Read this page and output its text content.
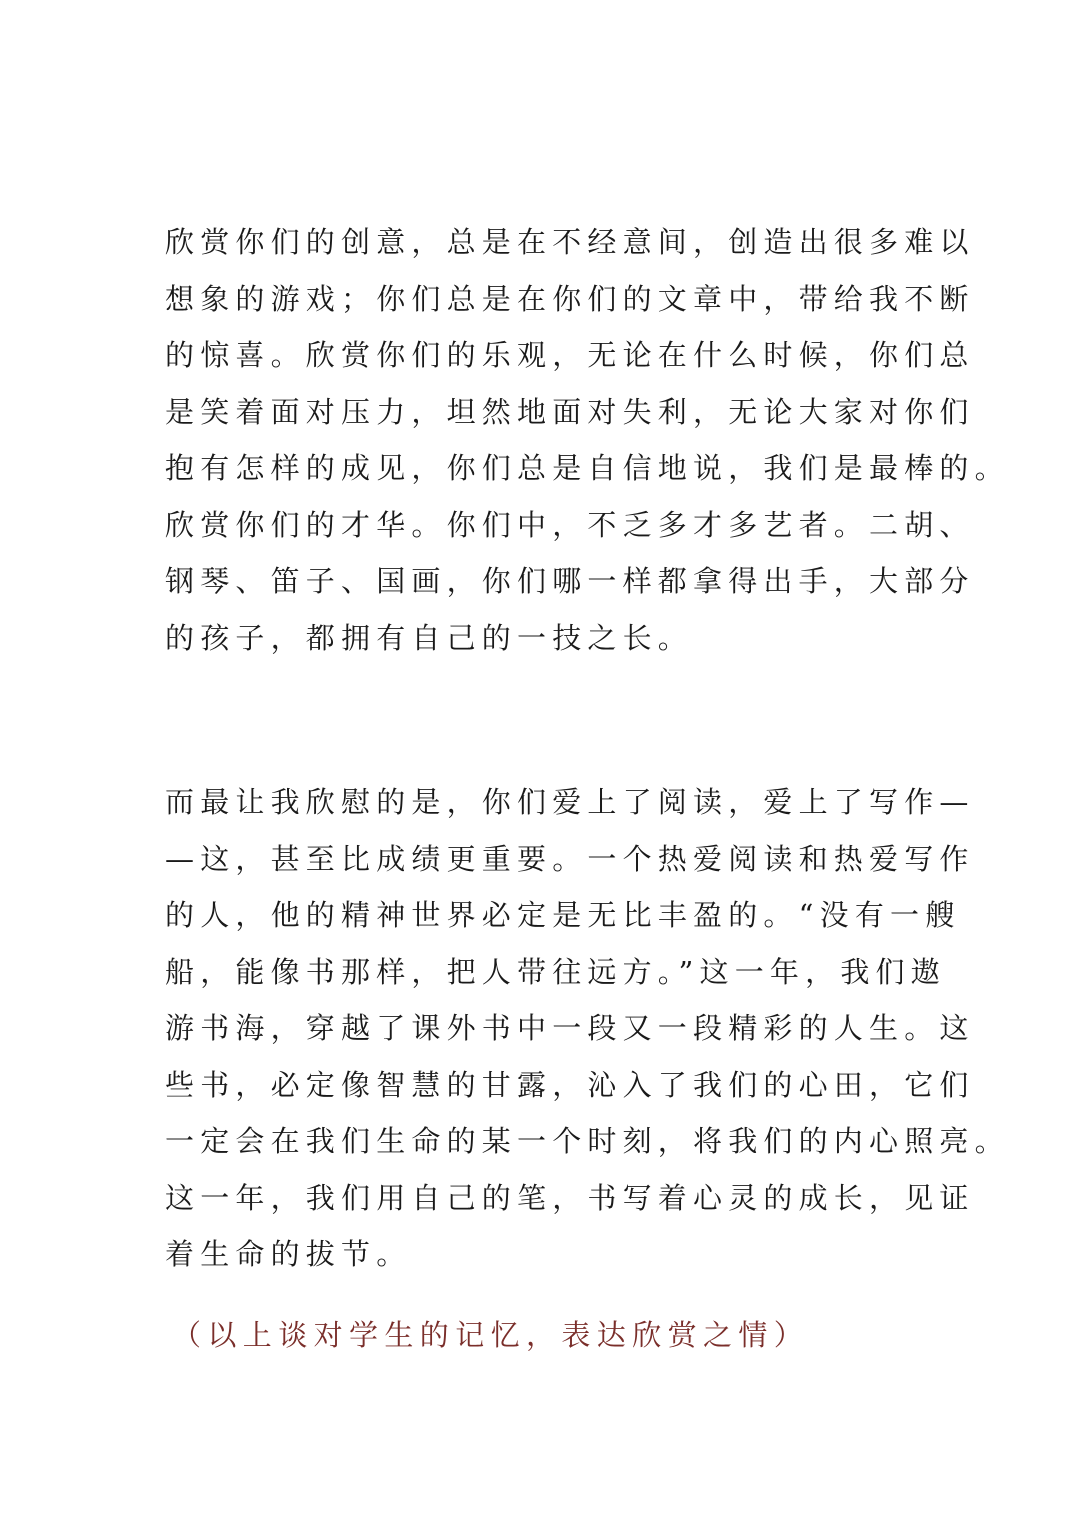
欣赏你们的创意，总是在不经意间，创造出很多难以
想象的游戏；你们总是在你们的文章中，带给我不断
的惊喜。欣赏你们的乐观，无论在什么时候，你们总
是笑着面对压力，坦然地面对失利，无论大家对你们
抱有怎样的成见，你们总是自信地说，我们是最棒的。
欣赏你们的才华。你们中，不乏多才多艺者。二胡、
钢琴、笛子、国画，你们哪一样都拿得出手，大部分
的孩子，都拥有自己的一技之长。
而最让我欣慰的是，你们爱上了阅读，爱上了写作—
—这，甚至比成绩更重要。一个热爱阅读和热爱写作
的人，他的精神世界必定是无比丰盈的。“没有一艘
船，能像书那样，把人带往远方。”这一年，我们遨
游书海，穿越了课外书中一段又一段精彩的人生。这
些书，必定像智慧的甘露，沁入了我们的心田，它们
一定会在我们生命的某一个时刻，将我们的内心照亮。
这一年，我们用自己的笔，书写着心灵的成长，见证
着生命的拔节。
（以上谈对学生的记忆，表达欣赏之情）
